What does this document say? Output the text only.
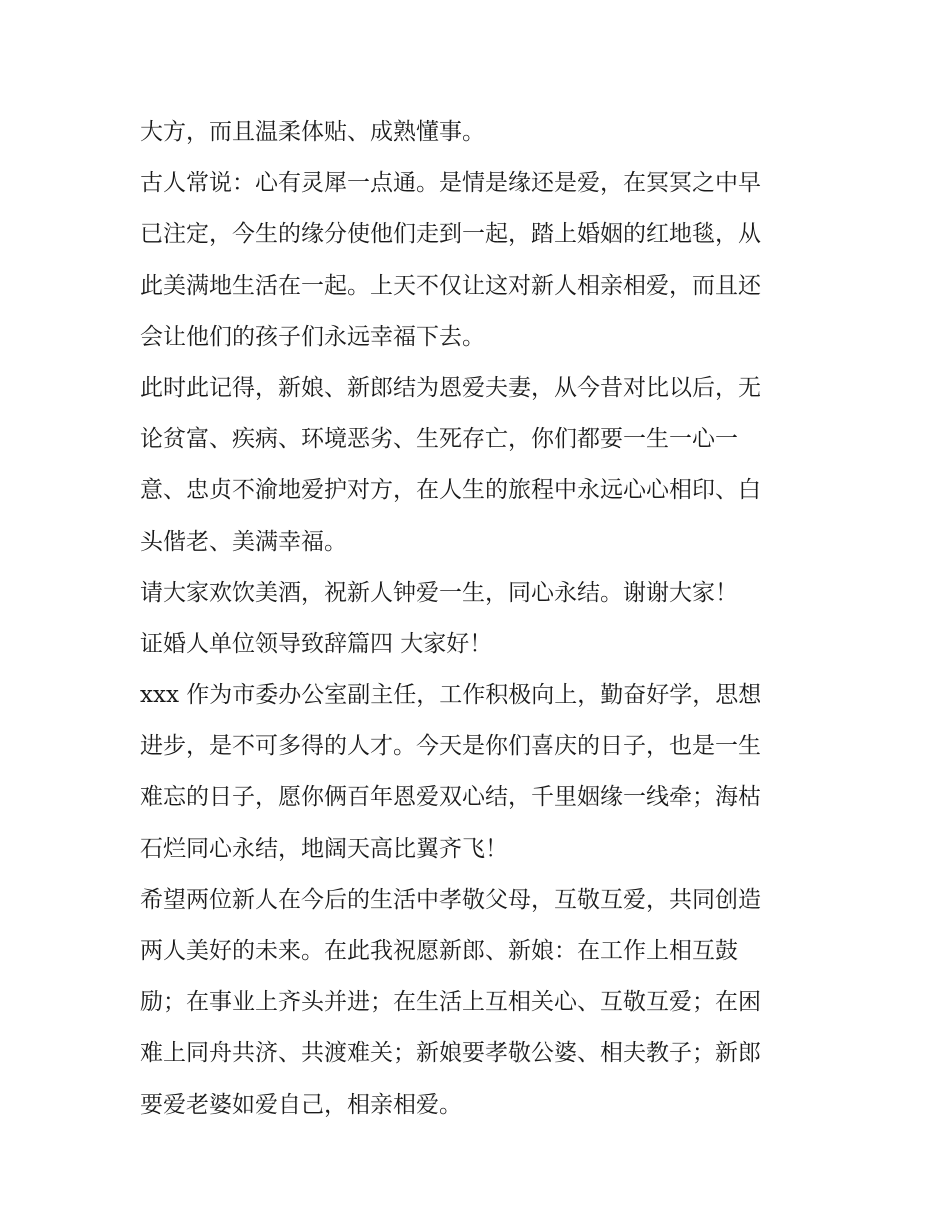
大方，而且温柔体贴、成熟懂事。
古人常说：心有灵犀一点通。是情是缘还是爱，在冥冥之中早
已注定，今生的缘分使他们走到一起，踏上婚姻的红地毯，从
此美满地生活在一起。上天不仅让这对新人相亲相爱，而且还
会让他们的孩子们永远幸福下去。
此时此记得，新娘、新郎结为恩爱夫妻，从今昔对比以后，无
论贫富、疾病、环境恶劣、生死存亡，你们都要一生一心一
意、忠贞不渝地爱护对方，在人生的旅程中永远心心相印、白
头偕老、美满幸福。
请大家欢饮美酒，祝新人钟爱一生，同心永结。谢谢大家！
证婚人单位领导致辞篇四 大家好！
xxx 作为市委办公室副主任，工作积极向上，勤奋好学，思想
进步，是不可多得的人才。今天是你们喜庆的日子，也是一生
难忘的日子，愿你俩百年恩爱双心结，千里姻缘一线牵；海枯
石烂同心永结，地阔天高比翼齐飞！
希望两位新人在今后的生活中孝敬父母，互敬互爱，共同创造
两人美好的未来。在此我祝愿新郎、新娘：在工作上相互鼓
励；在事业上齐头并进；在生活上互相关心、互敬互爱；在困
难上同舟共济、共渡难关；新娘要孝敬公婆、相夫教子；新郎
要爱老婆如爱自己，相亲相爱。
